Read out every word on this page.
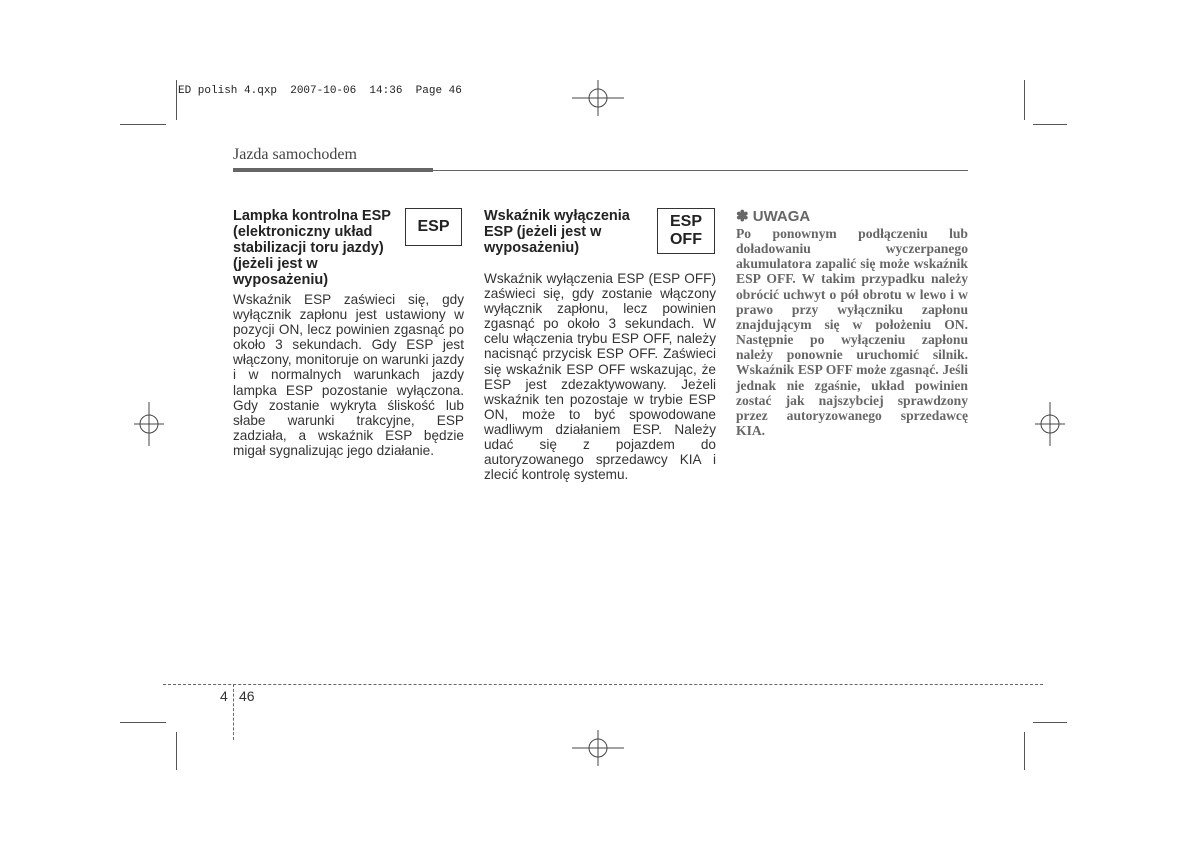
ED polish 4.qxp  2007-10-06  14:36  Page 46
Jazda samochodem
Lampka kontrolna ESP (elektroniczny układ stabilizacji toru jazdy) (jeżeli jest w wyposażeniu)
ESP

Wskaźnik ESP zaświeci się, gdy wyłącznik zapłonu jest ustawiony w pozycji ON, lecz powinien zgasnąć po około 3 sekundach. Gdy ESP jest włączony, monitoruje on warunki jazdy i w normalnych warunkach jazdy lampka ESP pozostanie wyłączona. Gdy zostanie wykryta śliskość lub słabe warunki trakcyjne, ESP zadziała, a wskaźnik ESP będzie migał sygnalizując jego działanie.

Wskaźnik wyłączenia ESP (jeżeli jest w wyposażeniu)
ESP
OFF

Wskaźnik wyłączenia ESP (ESP OFF) zaświeci się, gdy zostanie włączony wyłącznik zapłonu, lecz powinien zgasnąć po około 3 sekundach. W celu włączenia trybu ESP OFF, należy nacisnąć przycisk ESP OFF. Zaświeci się wskaźnik ESP OFF wskazując, że ESP jest zdezaktywowany. Jeżeli wskaźnik ten pozostaje w trybie ESP ON, może to być spowodowane wadliwym działaniem ESP. Należy udać się z pojazdem do autoryzowanego sprzedawcy KIA i zlecić kontrolę systemu.

✽ UWAGA

Po ponownym podłączeniu lub doładowaniu wyczerpanego akumulatora zapalić się może wskaźnik ESP OFF. W takim przypadku należy obrócić uchwyt o pół obrotu w lewo i w prawo przy wyłączniku zapłonu znajdującym się w położeniu ON. Następnie po wyłączeniu zapłonu należy ponownie uruchomić silnik. Wskaźnik ESP OFF może zgasnąć. Jeśli jednak nie zgaśnie, układ powinien zostać jak najszybciej sprawdzony przez autoryzowanego sprzedawcę KIA.

4 46
